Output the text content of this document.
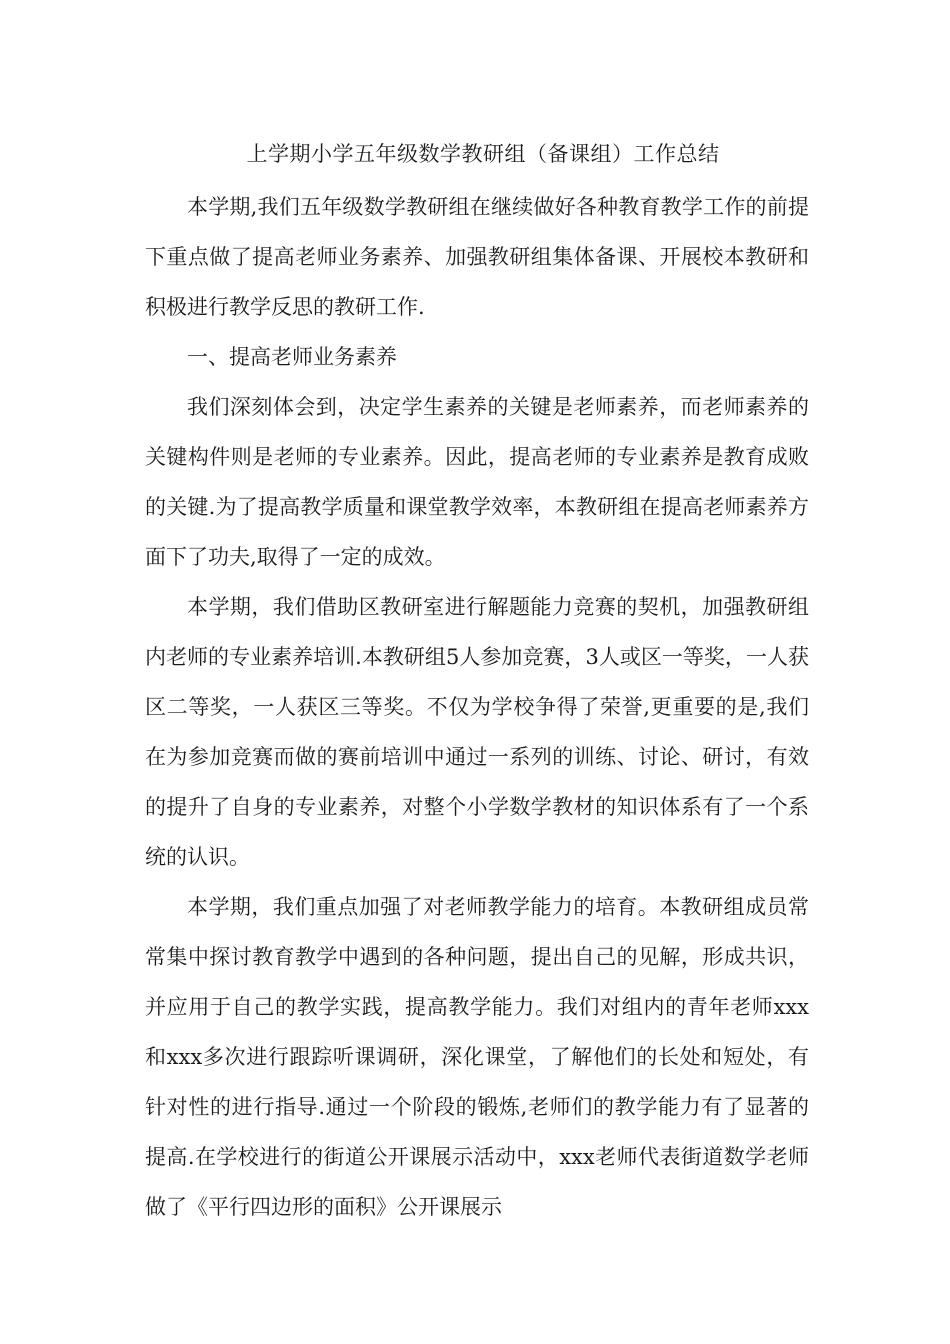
上学期小学五年级数学教研组（备课组）工作总结

本学期,我们五年级数学教研组在继续做好各种教育教学工作的前提下重点做了提高老师业务素养、加强教研组集体备课、开展校本教研和积极进行教学反思的教研工作.

一、提高老师业务素养

我们深刻体会到，决定学生素养的关键是老师素养，而老师素养的关键构件则是老师的专业素养。因此，提高老师的专业素养是教育成败的关键.为了提高教学质量和课堂教学效率，本教研组在提高老师素养方面下了功夫,取得了一定的成效。

本学期，我们借助区教研室进行解题能力竞赛的契机，加强教研组内老师的专业素养培训.本教研组5人参加竞赛，3人或区一等奖，一人获区二等奖，一人获区三等奖。不仅为学校争得了荣誉,更重要的是,我们在为参加竞赛而做的赛前培训中通过一系列的训练、讨论、研讨，有效的提升了自身的专业素养，对整个小学数学教材的知识体系有了一个系统的认识。

本学期，我们重点加强了对老师教学能力的培育。本教研组成员常常集中探讨教育教学中遇到的各种问题，提出自己的见解，形成共识，并应用于自己的教学实践，提高教学能力。我们对组内的青年老师xxx和xxx多次进行跟踪听课调研，深化课堂，了解他们的长处和短处，有针对性的进行指导.通过一个阶段的锻炼,老师们的教学能力有了显著的提高.在学校进行的街道公开课展示活动中，xxx老师代表街道数学老师做了《平行四边形的面积》公开课展示
